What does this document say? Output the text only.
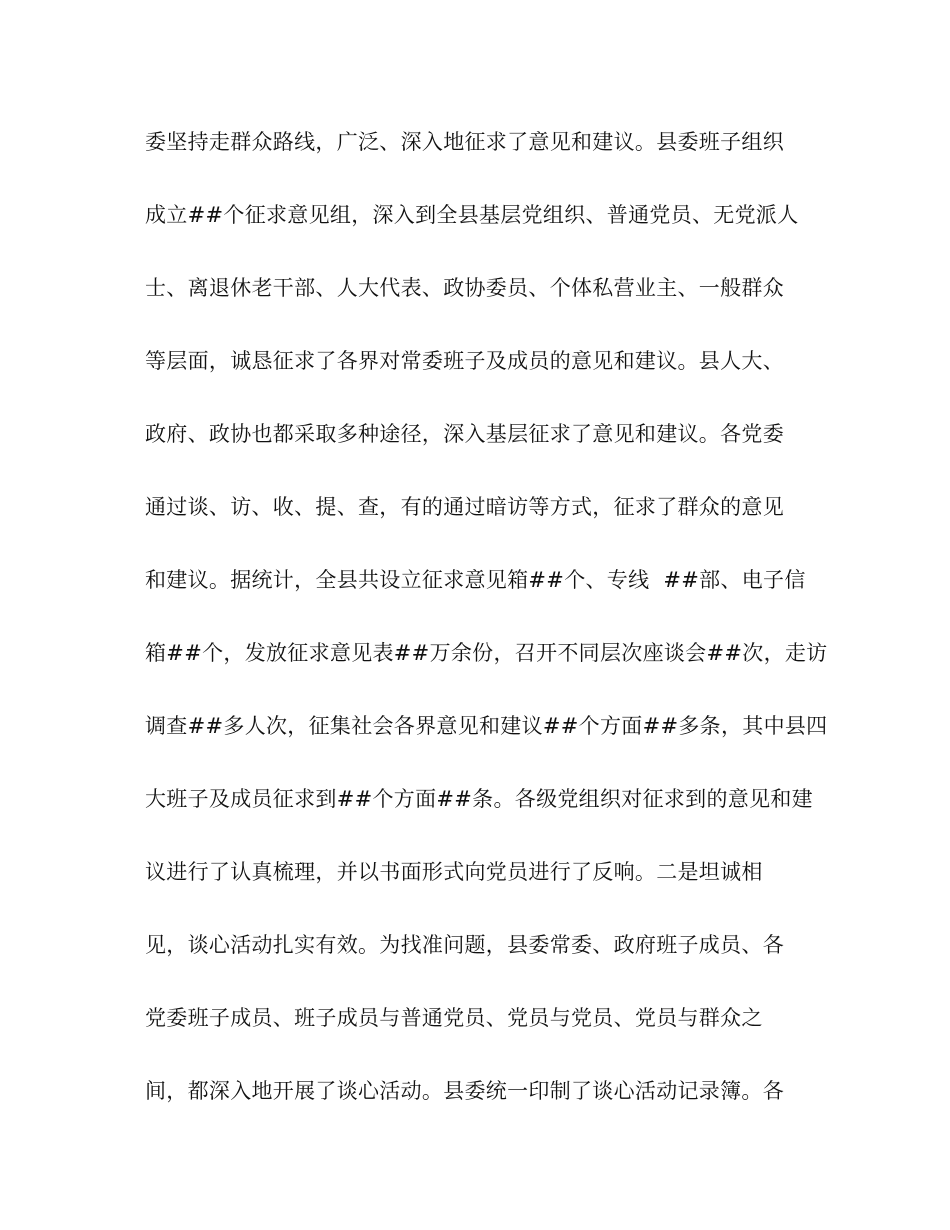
委坚持走群众路线，广泛、深入地征求了意见和建议。县委班子组织
成立##个征求意见组，深入到全县基层党组织、普通党员、无党派人
士、离退休老干部、人大代表、政协委员、个体私营业主、一般群众
等层面，诚恳征求了各界对常委班子及成员的意见和建议。县人大、
政府、政协也都采取多种途径，深入基层征求了意见和建议。各党委
通过谈、访、收、提、查，有的通过暗访等方式，征求了群众的意见
和建议。据统计，全县共设立征求意见箱##个、专线  ##部、电子信
箱##个，发放征求意见表##万余份，召开不同层次座谈会##次，走访
调查##多人次，征集社会各界意见和建议##个方面##多条，其中县四
大班子及成员征求到##个方面##条。各级党组织对征求到的意见和建
议进行了认真梳理，并以书面形式向党员进行了反响。二是坦诚相
见，谈心活动扎实有效。为找准问题，县委常委、政府班子成员、各
党委班子成员、班子成员与普通党员、党员与党员、党员与群众之
间，都深入地开展了谈心活动。县委统一印制了谈心活动记录簿。各
